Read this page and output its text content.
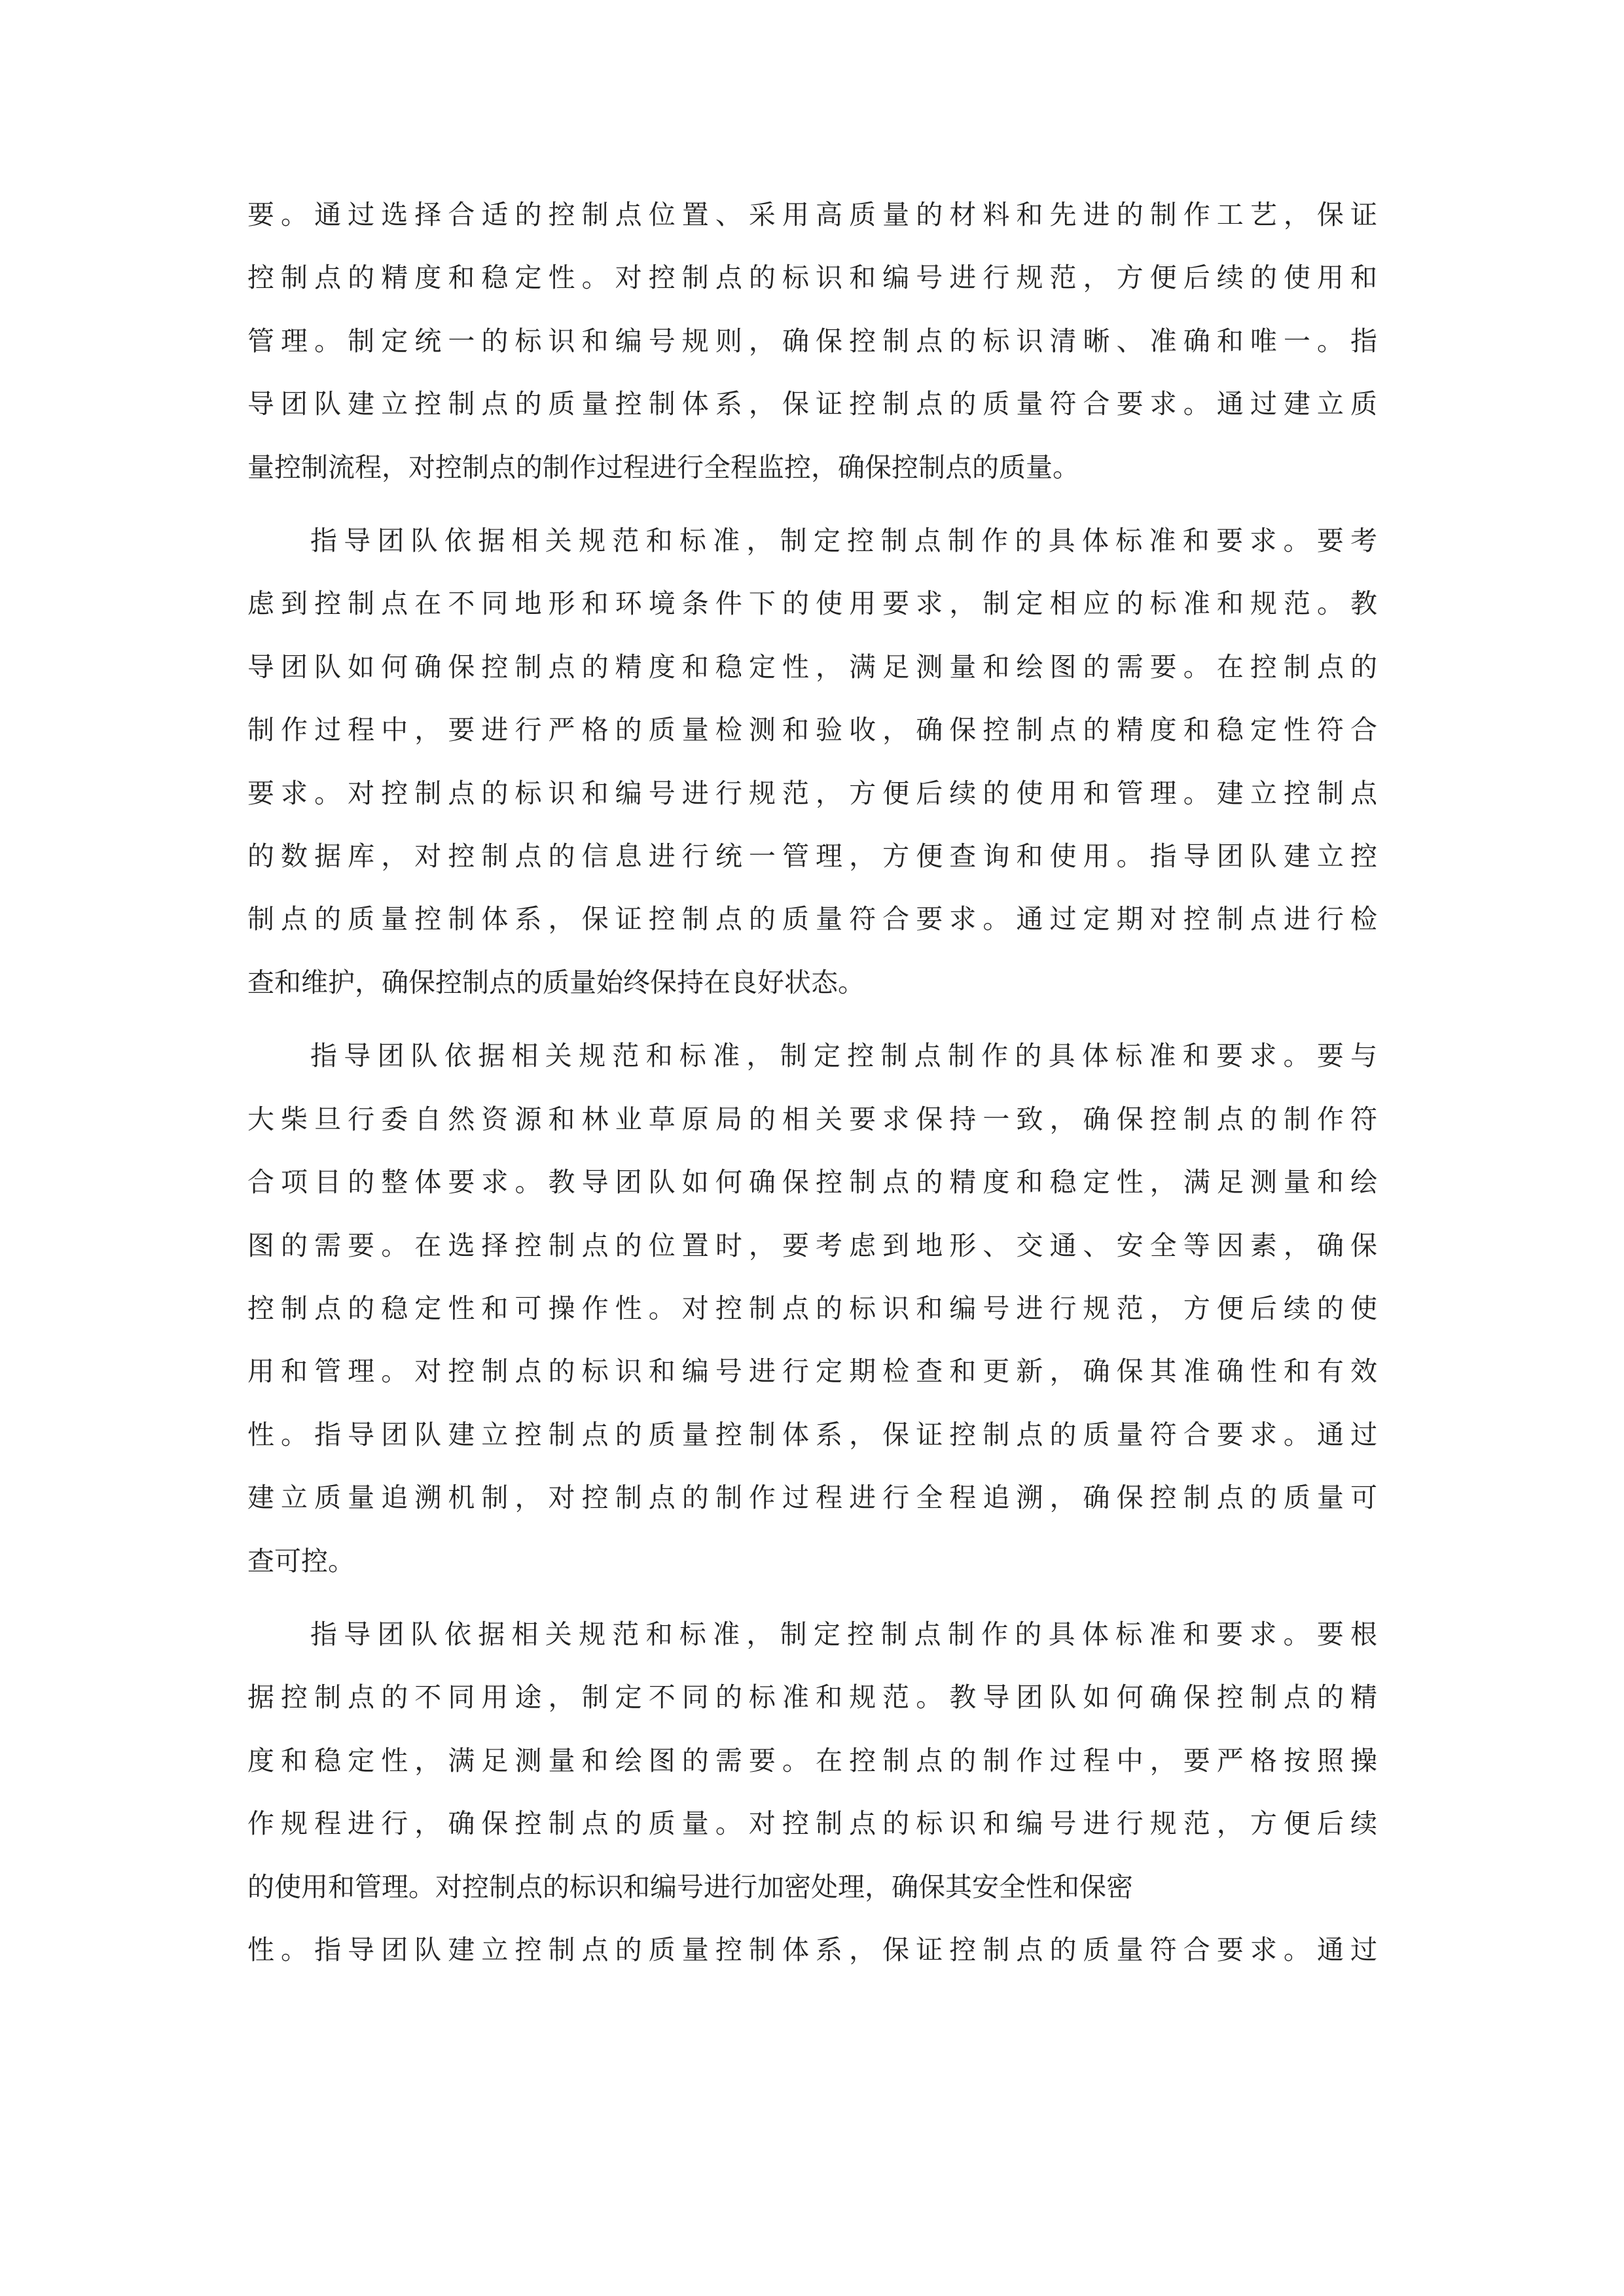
要。通过选择合适的控制点位置、采用高质量的材料和先进的制作工艺，保证
控制点的精度和稳定性。对控制点的标识和编号进行规范，方便后续的使用和
管理。制定统一的标识和编号规则，确保控制点的标识清晰、准确和唯一。指
导团队建立控制点的质量控制体系，保证控制点的质量符合要求。通过建立质
量控制流程，对控制点的制作过程进行全程监控，确保控制点的质量。
指导团队依据相关规范和标准，制定控制点制作的具体标准和要求。要考
虑到控制点在不同地形和环境条件下的使用要求，制定相应的标准和规范。教
导团队如何确保控制点的精度和稳定性，满足测量和绘图的需要。在控制点的
制作过程中，要进行严格的质量检测和验收，确保控制点的精度和稳定性符合
要求。对控制点的标识和编号进行规范，方便后续的使用和管理。建立控制点
的数据库，对控制点的信息进行统一管理，方便查询和使用。指导团队建立控
制点的质量控制体系，保证控制点的质量符合要求。通过定期对控制点进行检
查和维护，确保控制点的质量始终保持在良好状态。
指导团队依据相关规范和标准，制定控制点制作的具体标准和要求。要与
大柴旦行委自然资源和林业草原局的相关要求保持一致，确保控制点的制作符
合项目的整体要求。教导团队如何确保控制点的精度和稳定性，满足测量和绘
图的需要。在选择控制点的位置时，要考虑到地形、交通、安全等因素，确保
控制点的稳定性和可操作性。对控制点的标识和编号进行规范，方便后续的使
用和管理。对控制点的标识和编号进行定期检查和更新，确保其准确性和有效
性。指导团队建立控制点的质量控制体系，保证控制点的质量符合要求。通过
建立质量追溯机制，对控制点的制作过程进行全程追溯，确保控制点的质量可
查可控。
指导团队依据相关规范和标准，制定控制点制作的具体标准和要求。要根
据控制点的不同用途，制定不同的标准和规范。教导团队如何确保控制点的精
度和稳定性，满足测量和绘图的需要。在控制点的制作过程中，要严格按照操
作规程进行，确保控制点的质量。对控制点的标识和编号进行规范，方便后续
的使用和管理。对控制点的标识和编号进行加密处理，确保其安全性和保密
性。指导团队建立控制点的质量控制体系，保证控制点的质量符合要求。通过
